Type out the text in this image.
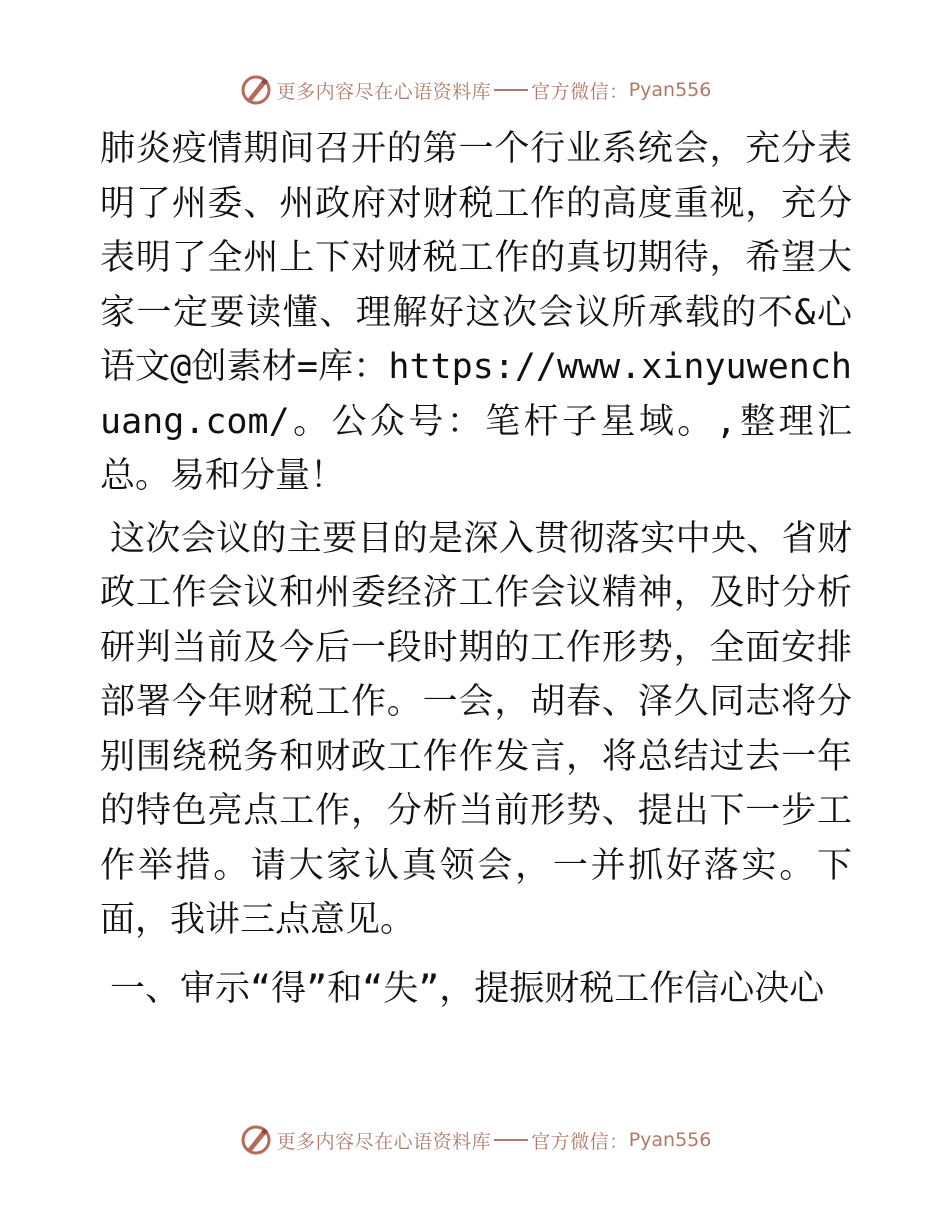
更多内容尽在心语资料库 官方微信： Pyan556

肺炎疫情期间召开的第一个行业系统会，充分表明了州委、州政府对财税工作的高度重视，充分表明了全州上下对财税工作的真切期待，希望大家一定要读懂、理解好这次会议所承载的不&心语文@创素材=库：https://www.xinyuwenchuang.com/。公众号：笔杆子星域。,整理汇总。易和分量！

这次会议的主要目的是深入贯彻落实中央、省财政工作会议和州委经济工作会议精神，及时分析研判当前及今后一段时期的工作形势，全面安排部署今年财税工作。一会，胡春、泽久同志将分别围绕税务和财政工作作发言，将总结过去一年的特色亮点工作，分析当前形势、提出下一步工作举措。请大家认真领会，一并抓好落实。下面，我讲三点意见。

一、审示“得”和“失”，提振财税工作信心决心

更多内容尽在心语资料库 官方微信： Pyan556
